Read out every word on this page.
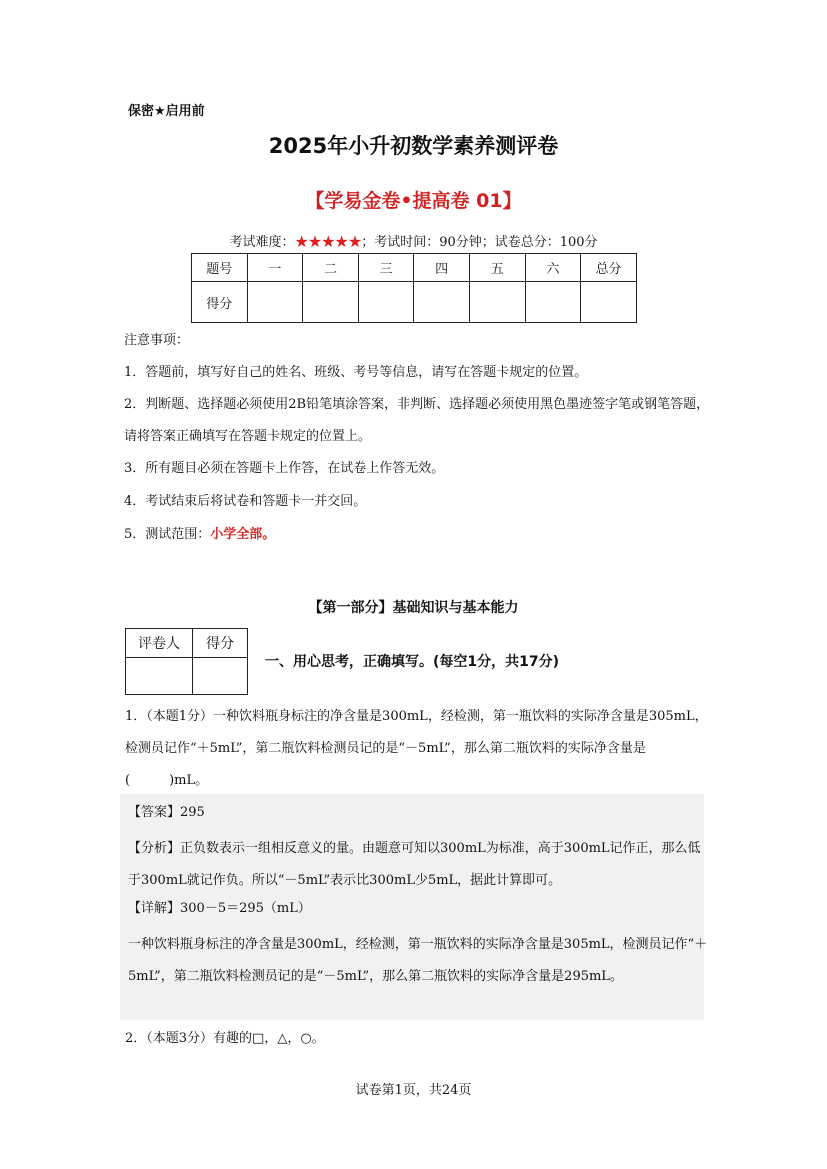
保密★启用前
2025年小升初数学素养测评卷
【学易金卷•提高卷 01】
考试难度：★★★★★；考试时间：90分钟；试卷总分：100分
题号	一	二	三	四	五	六	总分
得分							
注意事项：
1．答题前，填写好自己的姓名、班级、考号等信息，请写在答题卡规定的位置。
2．判断题、选择题必须使用2B铅笔填涂答案，非判断、选择题必须使用黑色墨迹签字笔或钢笔答题，请将答案正确填写在答题卡规定的位置上。
3．所有题目必须在答题卡上作答，在试卷上作答无效。
4．考试结束后将试卷和答题卡一并交回。
5．测试范围：小学全部。
【第一部分】基础知识与基本能力
评卷人	得分

一、用心思考，正确填写。(每空1分，共17分)
1．（本题1分）一种饮料瓶身标注的净含量是300mL，经检测，第一瓶饮料的实际净含量是305mL，检测员记作“＋5mL”，第二瓶饮料检测员记的是“－5mL”，那么第二瓶饮料的实际净含量是(　　　)mL。
【答案】295
【分析】正负数表示一组相反意义的量。由题意可知以300mL为标准，高于300mL记作正，那么低于300mL就记作负。所以“－5mL”表示比300mL少5mL，据此计算即可。
【详解】300－5＝295（mL）
一种饮料瓶身标注的净含量是300mL，经检测，第一瓶饮料的实际净含量是305mL，检测员记作“＋5mL”，第二瓶饮料检测员记的是“－5mL”，那么第二瓶饮料的实际净含量是295mL。
2．（本题3分）有趣的□，△，○。
试卷第1页，共24页
